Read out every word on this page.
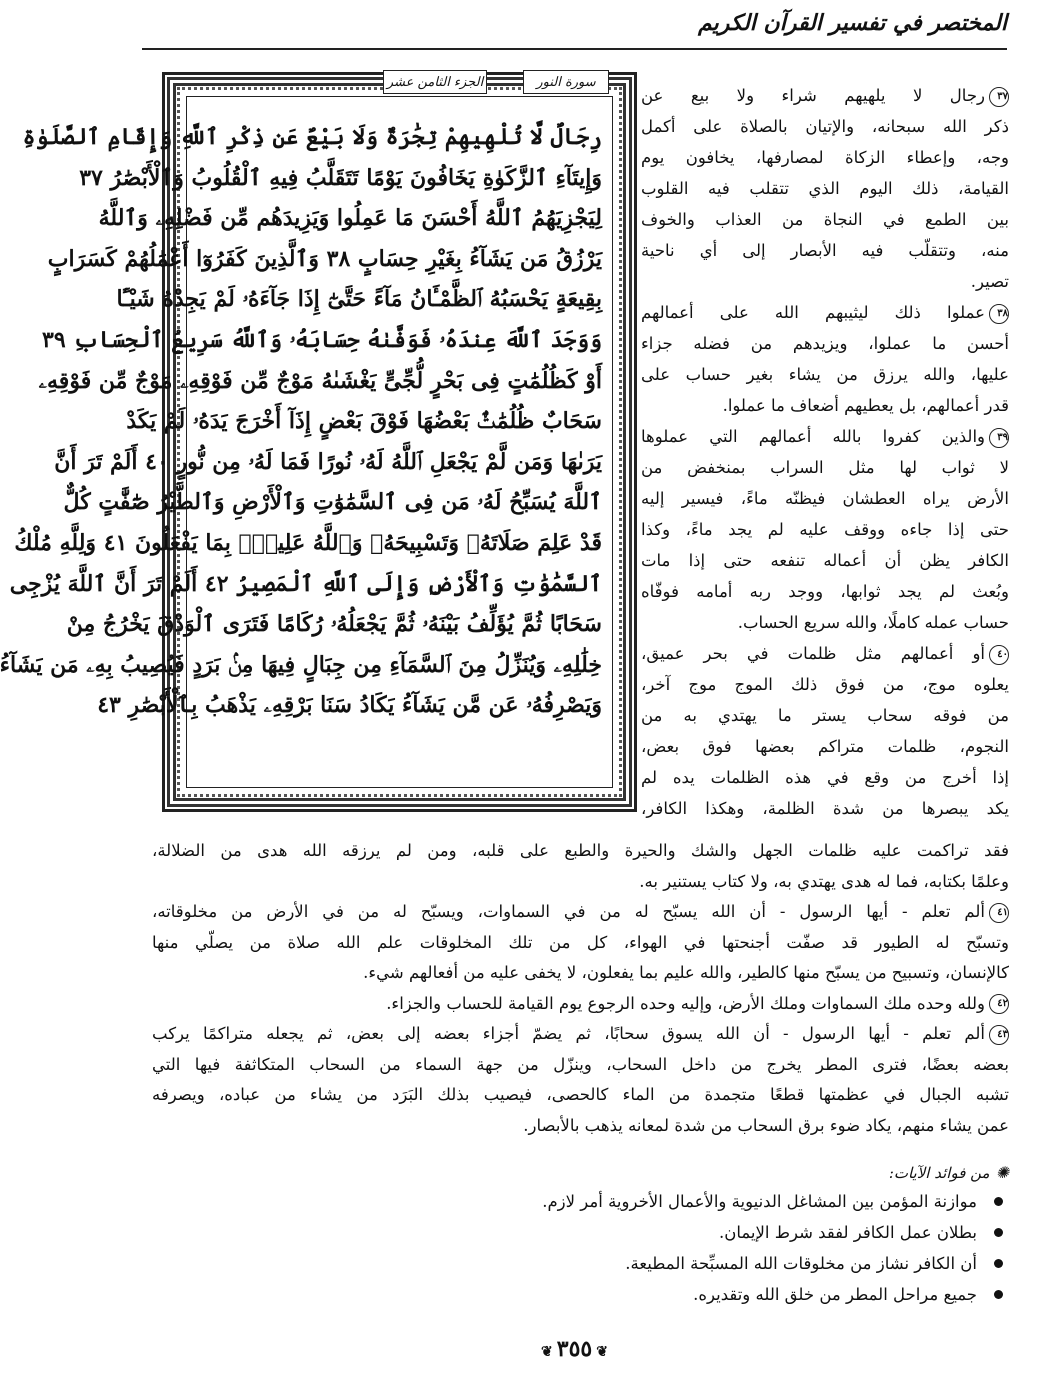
المختصر في تفسير القرآن الكريم
رِجَالٌ لَّا تُلْهِيهِمْ تِجَٰرَةٌ وَلَا بَيْعٌ عَن ذِكْرِ ٱللَّهِ وَإِقَامِ ٱلصَّلَوٰةِ
وَإِيتَآءِ ٱلزَّكَوٰةِ يَخَافُونَ يَوْمًا تَتَقَلَّبُ فِيهِ ٱلْقُلُوبُ وَٱلْأَبْصَٰرُ ٣٧
لِيَجْزِيَهُمُ ٱللَّهُ أَحْسَنَ مَا عَمِلُوا وَيَزِيدَهُم مِّن فَضْلِهِۦ وَٱللَّهُ
يَرْزُقُ مَن يَشَآءُ بِغَيْرِ حِسَابٍ ٣٨ وَٱلَّذِينَ كَفَرُوٓا أَعْمَٰلُهُمْ كَسَرَابٍ
بِقِيعَةٍ يَحْسَبُهُ ٱلظَّمْـَٔانُ مَآءً حَتَّىٰٓ إِذَا جَآءَهُۥ لَمْ يَجِدْهُ شَيْـًٔا
وَوَجَدَ ٱللَّهَ عِندَهُۥ فَوَفَّىٰهُ حِسَابَهُۥ وَٱللَّهُ سَرِيعُ ٱلْحِسَابِ ٣٩
أَوْ كَظُلُمَٰتٍ فِى بَحْرٍ لُّجِّىٍّ يَغْشَىٰهُ مَوْجٌ مِّن فَوْقِهِۦ مَوْجٌ مِّن فَوْقِهِۦ
سَحَابٌ ظُلُمَٰتٌۢ بَعْضُهَا فَوْقَ بَعْضٍ إِذَآ أَخْرَجَ يَدَهُۥ لَمْ يَكَدْ
يَرَىٰهَا وَمَن لَّمْ يَجْعَلِ ٱللَّهُ لَهُۥ نُورًا فَمَا لَهُۥ مِن نُّورٍ ٤٠ أَلَمْ تَرَ أَنَّ
ٱللَّهَ يُسَبِّحُ لَهُۥ مَن فِى ٱلسَّمَٰوَٰتِ وَٱلْأَرْضِ وَٱلطَّيْرُ صَٰٓفَّٰتٍ كُلٌّ
قَدْ عَلِمَ صَلَاتَهُۥ وَتَسْبِيحَهُۥ وَٱللَّهُ عَلِيمٌۢ بِمَا يَفْعَلُونَ ٤١ وَلِلَّهِ مُلْكُ
ٱلسَّمَٰوَٰتِ وَٱلْأَرْضِ وَإِلَى ٱللَّهِ ٱلْمَصِيرُ ٤٢ أَلَمْ تَرَ أَنَّ ٱللَّهَ يُزْجِى
سَحَابًا ثُمَّ يُؤَلِّفُ بَيْنَهُۥ ثُمَّ يَجْعَلُهُۥ رُكَامًا فَتَرَى ٱلْوَدْقَ يَخْرُجُ مِنْ
خِلَٰلِهِۦ وَيُنَزِّلُ مِنَ ٱلسَّمَآءِ مِن جِبَالٍ فِيهَا مِنۢ بَرَدٍ فَيُصِيبُ بِهِۦ مَن يَشَآءُ
وَيَصْرِفُهُۥ عَن مَّن يَشَآءُ يَكَادُ سَنَا بَرْقِهِۦ يَذْهَبُ بِٱلْأَبْصَٰرِ ٤٣
سورة النور
الجزء الثامن عشر
٣٧رجال لا يلهيهم شراء ولا بيع عن
ذكر الله سبحانه، والإتيان بالصلاة على أكمل
وجه، وإعطاء الزكاة لمصارفها، يخافون يوم
القيامة، ذلك اليوم الذي تتقلب فيه القلوب
بين الطمع في النجاة من العذاب والخوف
منه، وتتقلّب فيه الأبصار إلى أي ناحية
تصير.
٣٨عملوا ذلك ليثيبهم الله على أعمالهم
أحسن ما عملوا، ويزيدهم من فضله جزاء
عليها، والله يرزق من يشاء بغير حساب على
قدر أعمالهم، بل يعطيهم أضعاف ما عملوا.
٣٩والذين كفروا بالله أعمالهم التي عملوها
لا ثواب لها مثل السراب بمنخفض من
الأرض يراه العطشان فيظنّه ماءً، فيسير إليه
حتى إذا جاءه ووقف عليه لم يجد ماءً، وكذا
الكافر يظن أن أعماله تنفعه حتى إذا مات
وبُعث لم يجد ثوابها، ووجد ربه أمامه فوفّاه
حساب عمله كاملًا، والله سريع الحساب.
٤٠أو أعمالهم مثل ظلمات في بحر عميق،
يعلوه موج، من فوق ذلك الموج موج آخر،
من فوقه سحاب يستر ما يهتدي به من
النجوم، ظلمات متراكم بعضها فوق بعض،
إذا أخرج من وقع في هذه الظلمات يده لم
يكد يبصرها من شدة الظلمة، وهكذا الكافر،
فقد تراكمت عليه ظلمات الجهل والشك والحيرة والطبع على قلبه، ومن لم يرزقه الله هدى من الضلالة،
وعلمًا بكتابه، فما له هدى يهتدي به، ولا كتاب يستنير به.
٤١ألم تعلم - أيها الرسول - أن الله يسبّح له من في السماوات، ويسبّح له من في الأرض من مخلوقاته،
وتسبّح له الطيور قد صفّت أجنحتها في الهواء، كل من تلك المخلوقات علم الله صلاة من يصلّي منها
كالإنسان، وتسبيح من يسبّح منها كالطير، والله عليم بما يفعلون، لا يخفى عليه من أفعالهم شيء.
٤٢ولله وحده ملك السماوات وملك الأرض، وإليه وحده الرجوع يوم القيامة للحساب والجزاء.
٤٣ألم تعلم - أيها الرسول - أن الله يسوق سحابًا، ثم يضمّ أجزاء بعضه إلى بعض، ثم يجعله متراكمًا يركب
بعضه بعضًا، فترى المطر يخرج من داخل السحاب، وينزّل من جهة السماء من السحاب المتكاثفة فيها التي
تشبه الجبال في عظمتها قطعًا متجمدة من الماء كالحصى، فيصيب بذلك البَرَد من يشاء من عباده، ويصرفه
عمن يشاء منهم، يكاد ضوء برق السحاب من شدة لمعانه يذهب بالأبصار.
✺من فوائد الآيات:
موازنة المؤمن بين المشاغل الدنيوية والأعمال الأخروية أمر لازم.
بطلان عمل الكافر لفقد شرط الإيمان.
أن الكافر نشاز من مخلوقات الله المسبِّحة المطيعة.
جميع مراحل المطر من خلق الله وتقديره.
❦٣٥٥❦
